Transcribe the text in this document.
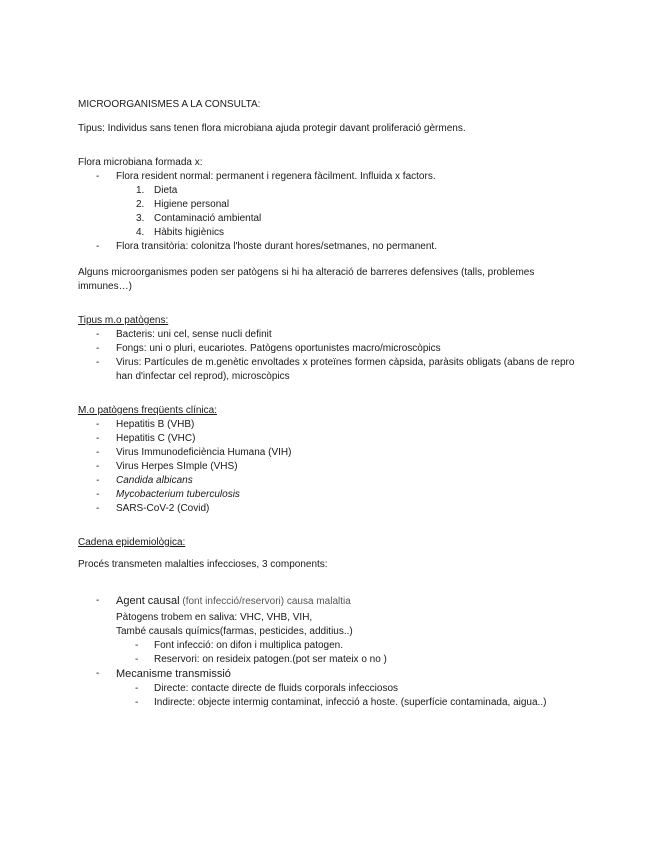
MICROORGANISMES A LA CONSULTA:

Tipus: Individus sans tenen flora microbiana ajuda protegir davant proliferació gèrmens.

Flora microbiana formada x:

- Flora resident normal: permanent i regenera fàcilment. Influida x factors.
1. Dieta
2. Higiene personal
3. Contaminació ambiental
4. Hàbits higiènics
- Flora transitòria: colonitza l'hoste durant hores/setmanes, no permanent.

Alguns microorganismes poden ser patògens si hi ha alteració de barreres defensives (talls, problemes immunes…)

Tipus m.o patògens:

- Bacteris: uni cel, sense nucli definit
- Fongs: uni o pluri, eucariotes. Patògens oportunistes macro/microscòpics
- Virus: Partícules de m.genètic envoltades x proteïnes formen càpsida, paràsits obligats (abans de repro han d'infectar cel reprod), microscòpics

M.o patògens freqüents clínica:

- Hepatitis B (VHB)
- Hepatitis C (VHC)
- Virus Immunodeficiència Humana (VIH)
- Virus Herpes SImple (VHS)
- Candida albicans
- Mycobacterium tuberculosis
- SARS-CoV-2 (Covid)

Cadena epidemiològica:

Procés transmeten malalties infeccioses, 3 components:

- Agent causal (font infecció/reservori) causa malaltia
Pàtogens trobem en saliva: VHC, VHB, VIH,
També causals químics(farmas, pesticides, additius..)
- Font infecció: on difon i multiplica patogen.
- Reservori: on resideix patogen.(pot ser mateix o no )
- Mecanisme transmissió
- Directe: contacte directe de fluids corporals infecciosos
- Indirecte: objecte intermig contaminat, infecció a hoste. (superfície contaminada, aigua..)
